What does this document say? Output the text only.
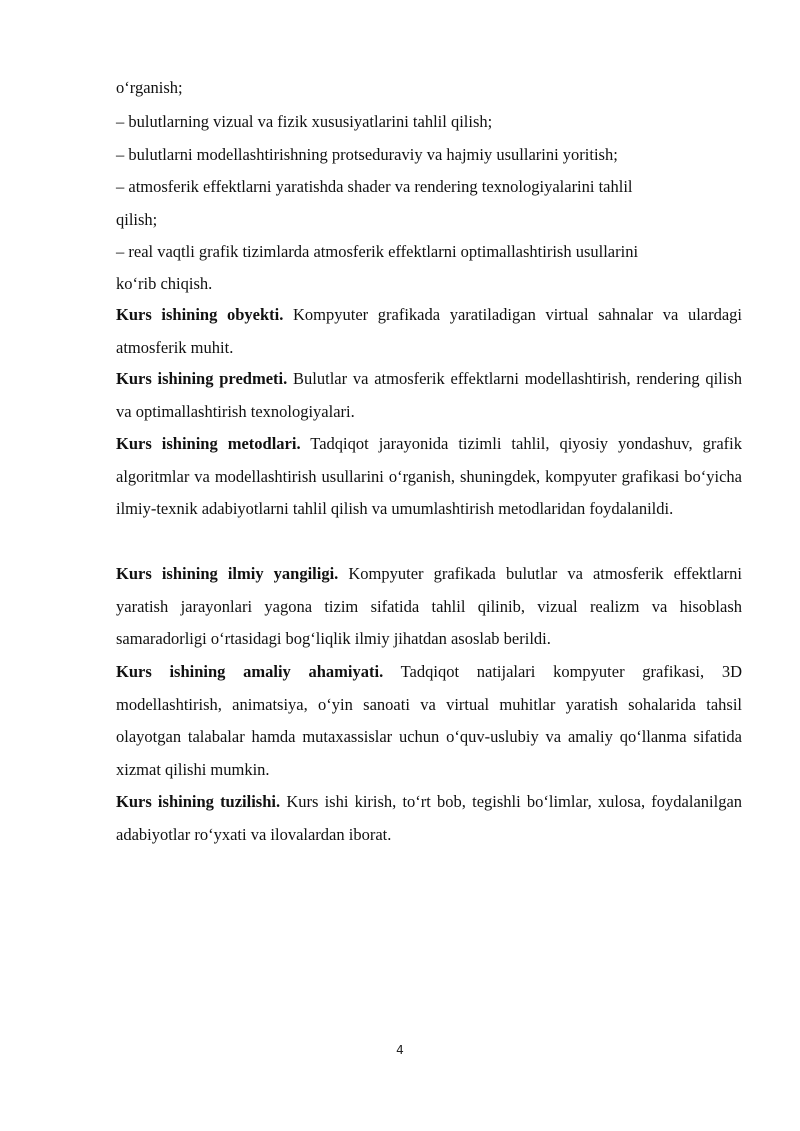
oʻrganish;
– bulutlarning vizual va fizik xususiyatlarini tahlil qilish;
– bulutlarni modellashtirishning protseduraviy va hajmiy usullarini yoritish;
– atmosferik effektlarni yaratishda shader va rendering texnologiyalarini tahlil
qilish;
– real vaqtli grafik tizimlarda atmosferik effektlarni optimallashtirish usullarini
koʻrib chiqish.

Kurs ishining obyekti. Kompyuter grafikada yaratiladigan virtual sahnalar va ulardagi atmosferik muhit.

Kurs ishining predmeti. Bulutlar va atmosferik effektlarni modellashtirish, rendering qilish va optimallashtirish texnologiyalari.

Kurs ishining metodlari. Tadqiqot jarayonida tizimli tahlil, qiyosiy yondashuv, grafik algoritmlar va modellashtirish usullarini oʻrganish, shuningdek, kompyuter grafikasi boʻyicha ilmiy-texnik adabiyotlarni tahlil qilish va umumlashtirish metodlaridan foydalanildi.

Kurs ishining ilmiy yangiligi. Kompyuter grafikada bulutlar va atmosferik effektlarni yaratish jarayonlari yagona tizim sifatida tahlil qilinib, vizual realizm va hisoblash samaradorligi oʻrtasidagi bogʻliqlik ilmiy jihatdan asoslab berildi.

Kurs ishining amaliy ahamiyati. Tadqiqot natijalari kompyuter grafikasi, 3D modellashtirish, animatsiya, oʻyin sanoati va virtual muhitlar yaratish sohalarida tahsil olayotgan talabalar hamda mutaxassislar uchun oʻquv-uslubiy va amaliy qoʻllanma sifatida xizmat qilishi mumkin.

Kurs ishining tuzilishi. Kurs ishi kirish, toʻrt bob, tegishli boʻlimlar, xulosa, foydalanilgan adabiyotlar roʻyxati va ilovalardan iborat.

4
